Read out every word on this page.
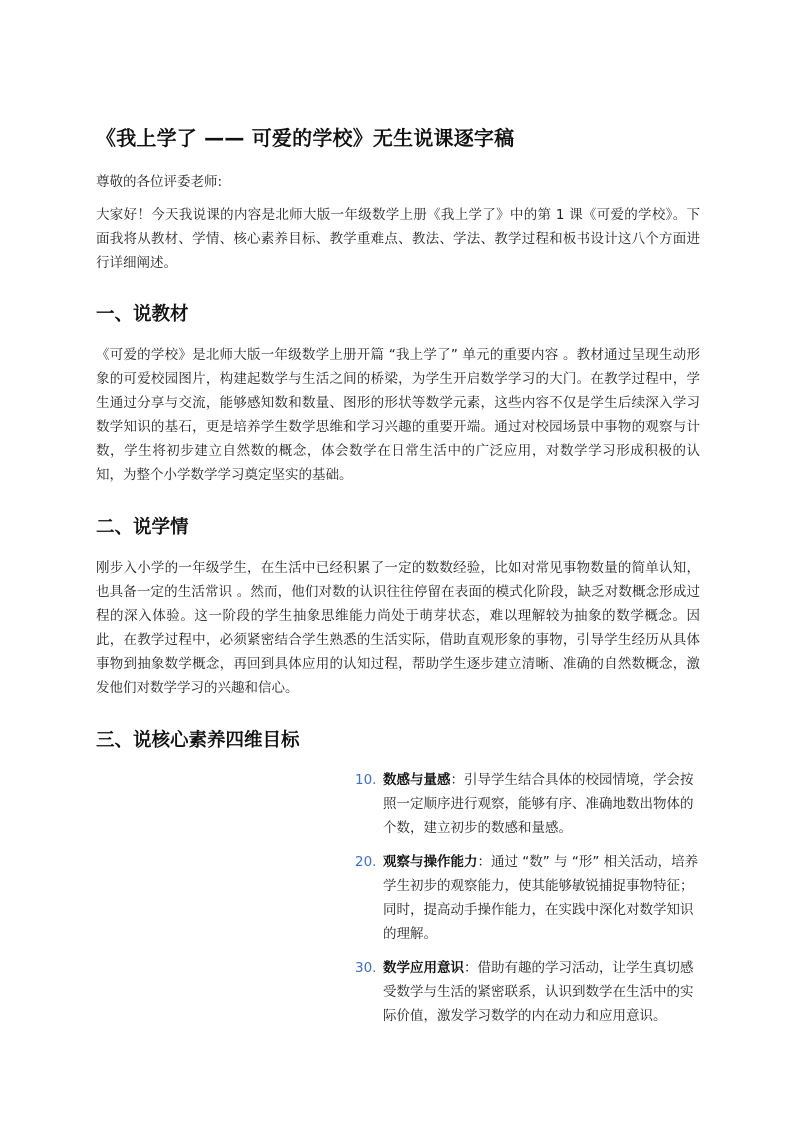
《我上学了 —— 可爱的学校》无生说课逐字稿

尊敬的各位评委老师:

大家好！今天我说课的内容是北师大版一年级数学上册《我上学了》中的第 1 课《可爱的学校》。下面我将从教材、学情、核心素养目标、教学重难点、教法、学法、教学过程和板书设计这八个方面进行详细阐述。

一、说教材

《可爱的学校》是北师大版一年级数学上册开篇 “我上学了” 单元的重要内容 。教材通过呈现生动形象的可爱校园图片，构建起数学与生活之间的桥梁，为学生开启数学学习的大门。在教学过程中，学生通过分享与交流，能够感知数和数量、图形的形状等数学元素，这些内容不仅是学生后续深入学习数学知识的基石，更是培养学生数学思维和学习兴趣的重要开端。通过对校园场景中事物的观察与计数，学生将初步建立自然数的概念，体会数学在日常生活中的广泛应用，对数学学习形成积极的认知，为整个小学数学学习奠定坚实的基础。

二、说学情

刚步入小学的一年级学生，在生活中已经积累了一定的数数经验，比如对常见事物数量的简单认知，也具备一定的生活常识 。然而，他们对数的认识往往停留在表面的模式化阶段，缺乏对数概念形成过程的深入体验。这一阶段的学生抽象思维能力尚处于萌芽状态，难以理解较为抽象的数学概念。因此，在教学过程中，必须紧密结合学生熟悉的生活实际，借助直观形象的事物，引导学生经历从具体事物到抽象数学概念，再回到具体应用的认知过程，帮助学生逐步建立清晰、准确的自然数概念，激发他们对数学学习的兴趣和信心。

三、说核心素养四维目标
10. 数感与量感：引导学生结合具体的校园情境，学会按照一定顺序进行观察，能够有序、准确地数出物体的个数，建立初步的数感和量感。
20. 观察与操作能力：通过 “数” 与 “形” 相关活动，培养学生初步的观察能力，使其能够敏锐捕捉事物特征；同时，提高动手操作能力，在实践中深化对数学知识的理解。
30. 数学应用意识：借助有趣的学习活动，让学生真切感受数学与生活的紧密联系，认识到数学在生活中的实际价值，激发学习数学的内在动力和应用意识。
